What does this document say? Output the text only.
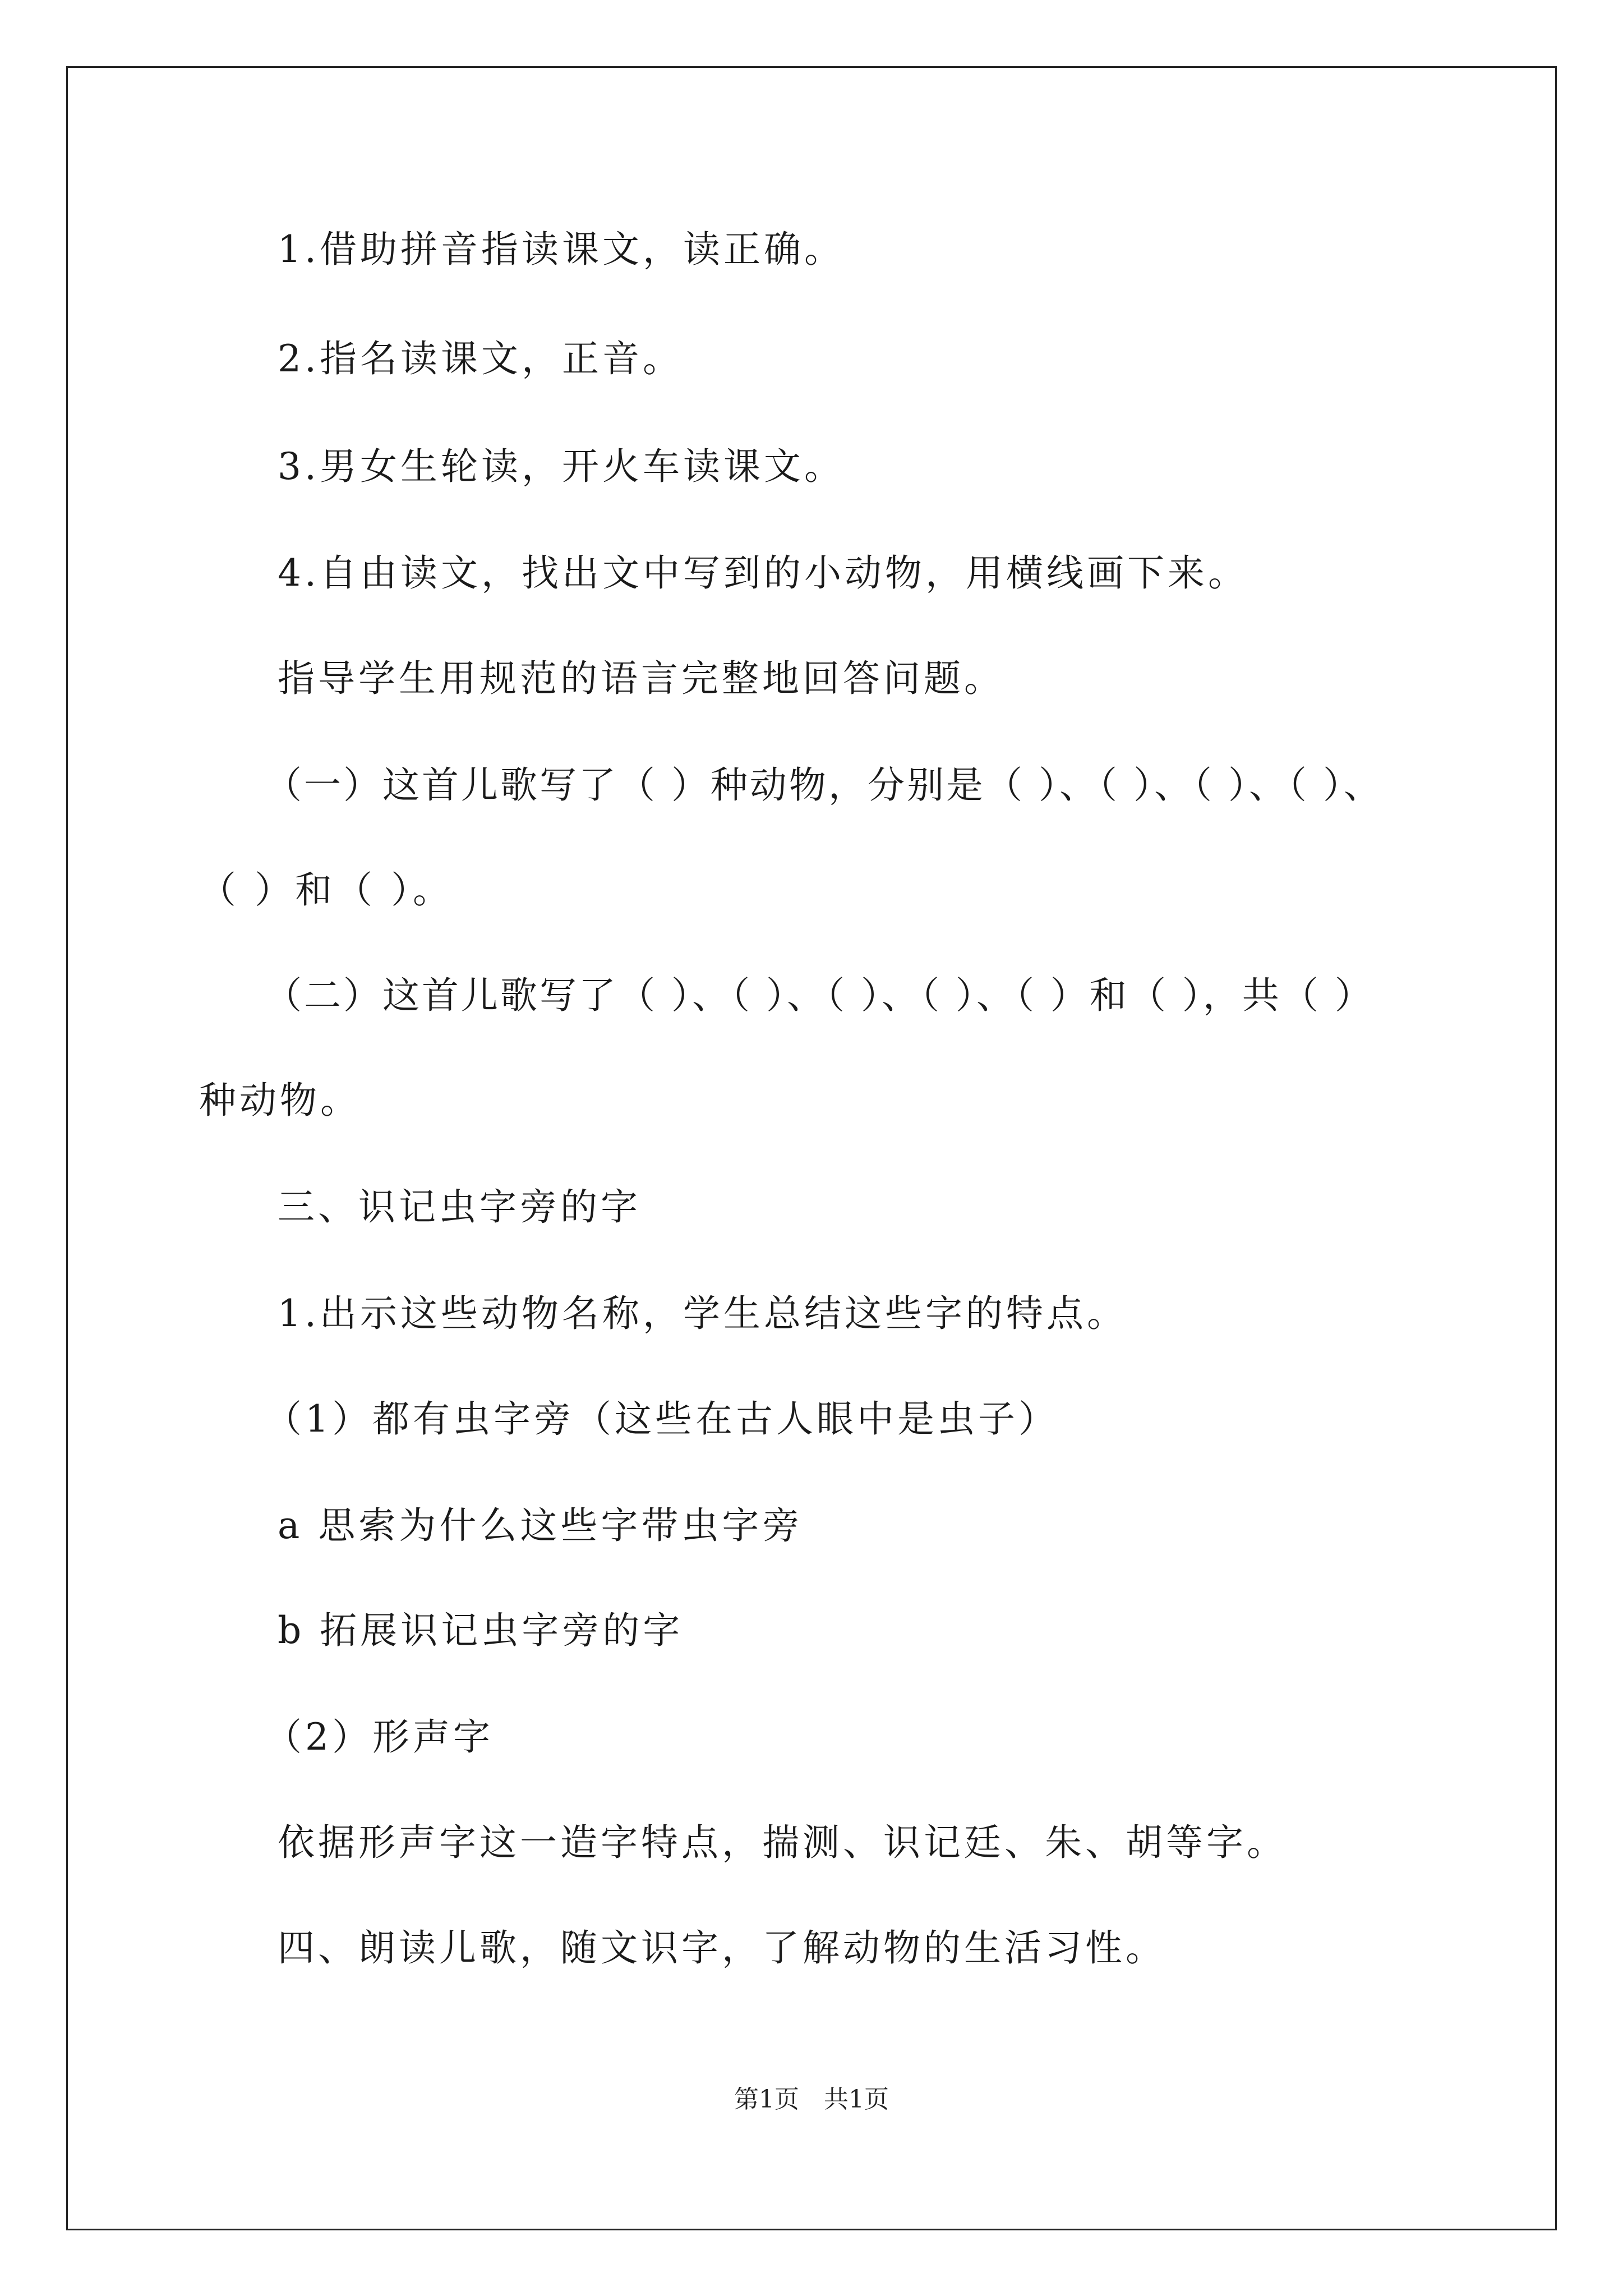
1.借助拼音指读课文，读正确。
2.指名读课文，正音。
3.男女生轮读，开火车读课文。
4.自由读文，找出文中写到的小动物，用横线画下来。
指导学生用规范的语言完整地回答问题。
（一）这首儿歌写了（ ）种动物，分别是（ ）、（ ）、（ ）、（ ）、
（ ）和（ ）。
（二）这首儿歌写了（ ）、（ ）、（ ）、（ ）、（ ）和（ ），共（ ）
种动物。
三、识记虫字旁的字
1.出示这些动物名称，学生总结这些字的特点。
（1）都有虫字旁（这些在古人眼中是虫子）
a 思索为什么这些字带虫字旁
b 拓展识记虫字旁的字
（2）形声字
依据形声字这一造字特点，揣测、识记廷、朱、胡等字。
四、朗读儿歌，随文识字，了解动物的生活习性。
第1页　共1页
